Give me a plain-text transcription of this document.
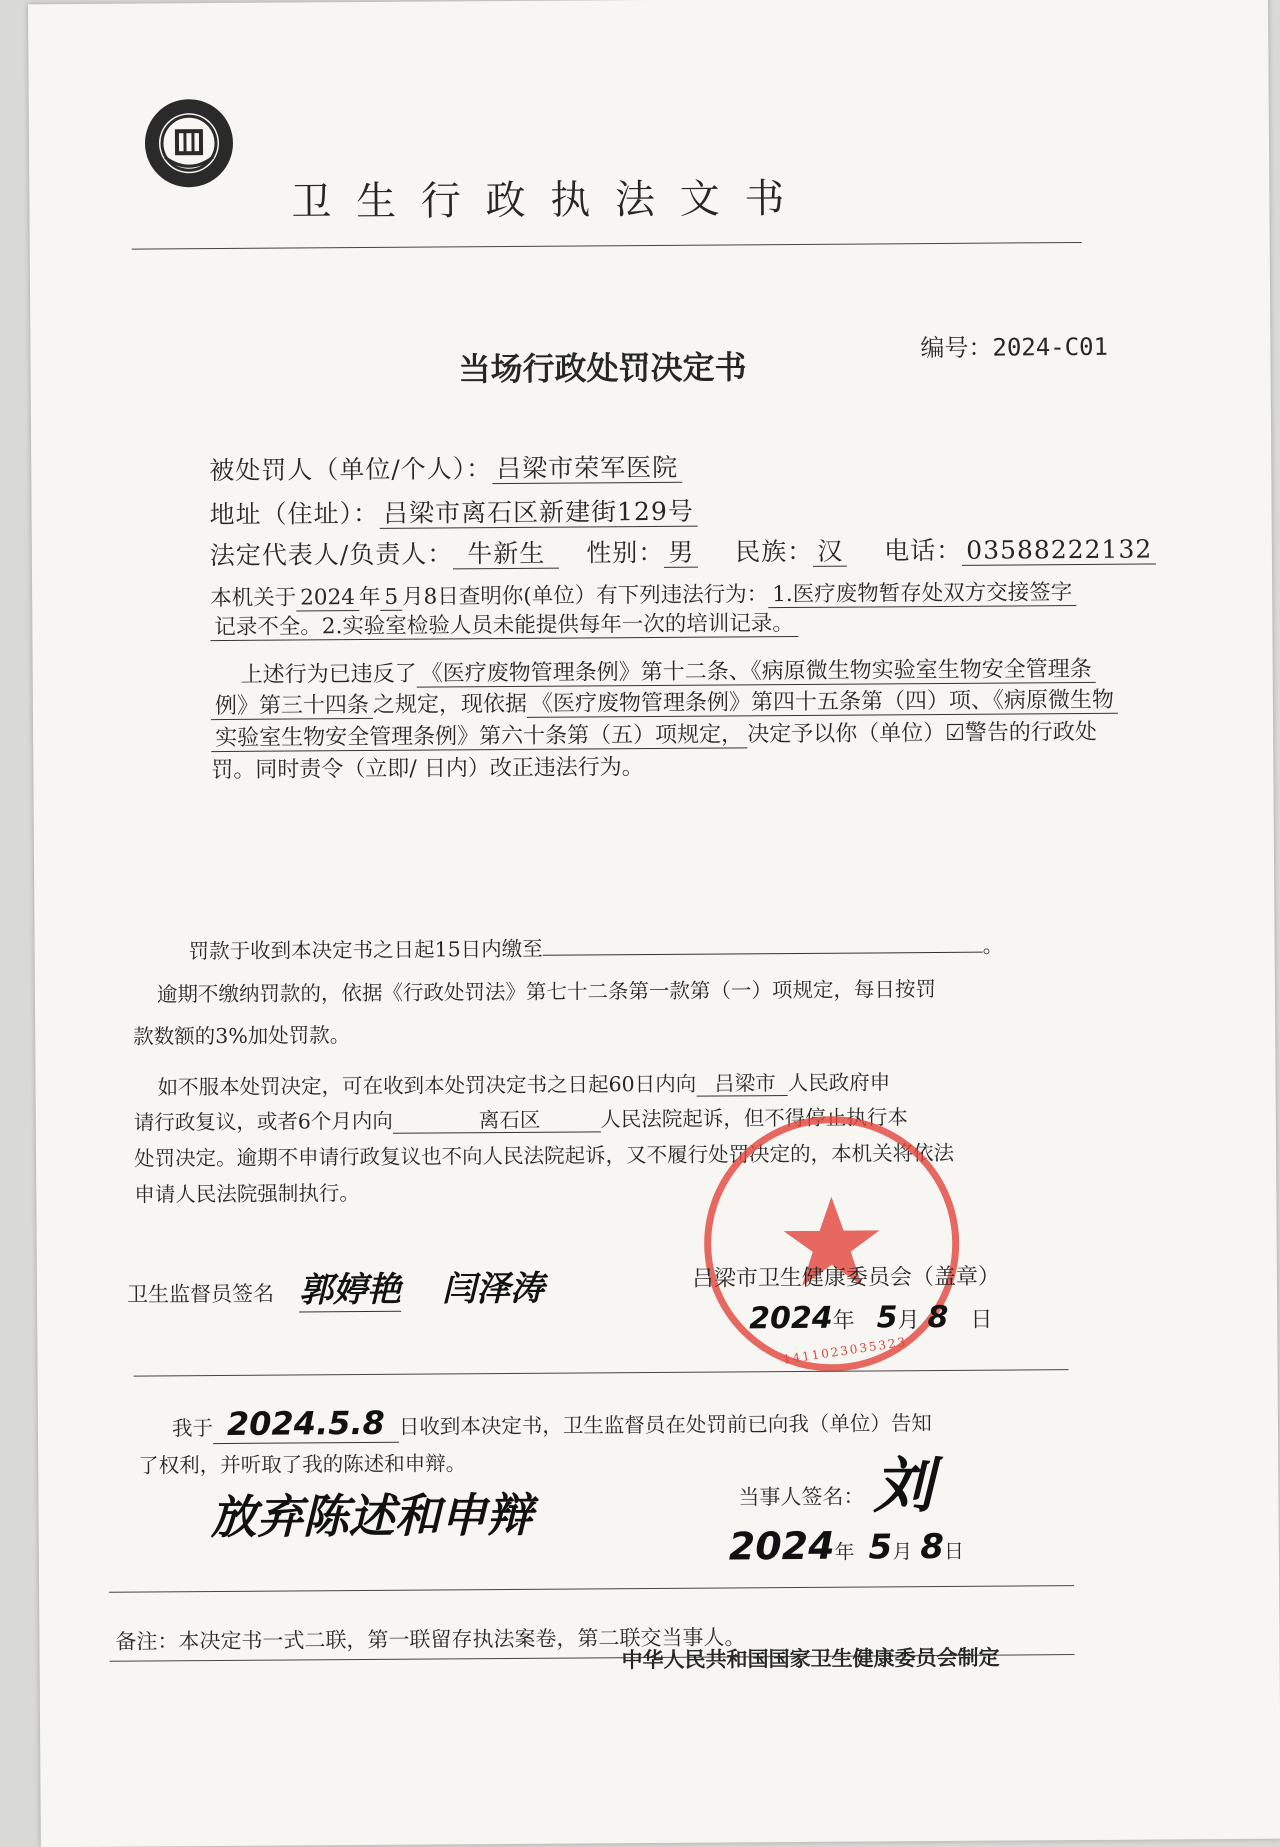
卫 生 行 政 执 法 文 书
编号：2024-C01
当场行政处罚决定书
被处罚人（单位/个人）： 吕梁市荣军医院
地址（住址）： 吕梁市离石区新建街129号
法定代表人/负责人： 牛新生 性别： 男 民族： 汉 电话： 03588222132
本机关于 2024 年 5 月8日查明你(单位）有下列违法行为： 1.医疗废物暂存处双方交接签字
记录不全。2.实验室检验人员未能提供每年一次的培训记录。
上述行为已违反了 《医疗废物管理条例》第十二条、《病原微生物实验室生物安全管理条
例》第三十四条 之规定，现依据 《医疗废物管理条例》第四十五条第（四）项、《病原微生物
实验室生物安全管理条例》第六十条第（五）项规定， 决定予以你（单位）☑警告的行政处
罚。同时责令（立即/ 日内）改正违法行为。
罚款于收到本决定书之日起15日内缴至	。
逾期不缴纳罚款的，依据《行政处罚法》第七十二条第一款第（一）项规定，每日按罚
款数额的3%加处罚款。
如不服本处罚决定，可在收到本处罚决定书之日起60日内向 吕梁市 人民政府申
请行政复议，或者6个月内向	离石区	人民法院起诉，但不得停止执行本
处罚决定。逾期不申请行政复议也不向人民法院起诉，又不履行处罚决定的，本机关将依法
申请人民法院强制执行。
卫生监督员签名 郭婷艳 闫泽涛	吕梁市卫生健康委员会（盖章）
2024年 5月 8 日
1411023035323
我于 2024.5.8 日收到本决定书，卫生监督员在处罚前已向我（单位）告知
了权利，并听取了我的陈述和申辩。
放弃陈述和申辩	当事人签名： 刘
2024年 5月 8日
备注：本决定书一式二联，第一联留存执法案卷，第二联交当事人。
中华人民共和国国家卫生健康委员会制定
